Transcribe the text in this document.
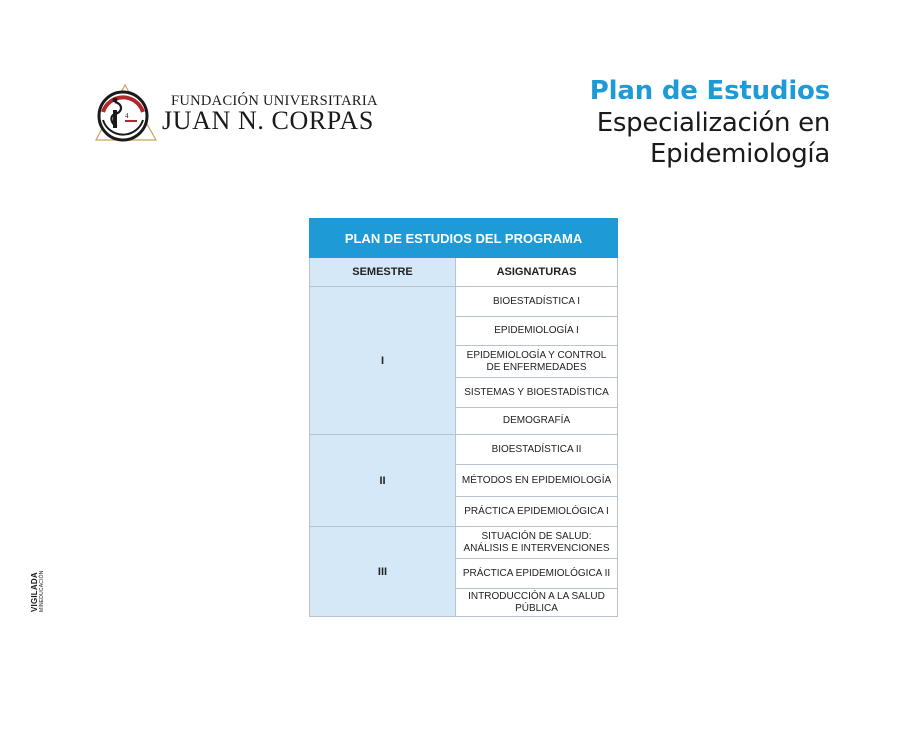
4
FUNDACIÓN UNIVERSITARIA
JUAN N. CORPAS
Plan de Estudios
Especialización en
Epidemiología
PLAN DE ESTUDIOS DEL PROGRAMA	
SEMESTRE	ASIGNATURAS
I	BIOESTADÍSTICA I
	EPIDEMIOLOGÍA I
	EPIDEMIOLOGÍA Y CONTROL DE ENFERMEDADES
	SISTEMAS Y BIOESTADÍSTICA
	DEMOGRAFÍA
II	BIOESTADÍSTICA II
	MÉTODOS EN EPIDEMIOLOGÍA
	PRÁCTICA EPIDEMIOLÓGICA I
III	SITUACIÓN DE SALUD: ANÁLISIS E INTERVENCIONES
	PRÁCTICA EPIDEMIOLÓGICA II
	INTRODUCCIÓN A LA SALUD PÚBLICA
VIGILADA MINEDUCACIÓN
